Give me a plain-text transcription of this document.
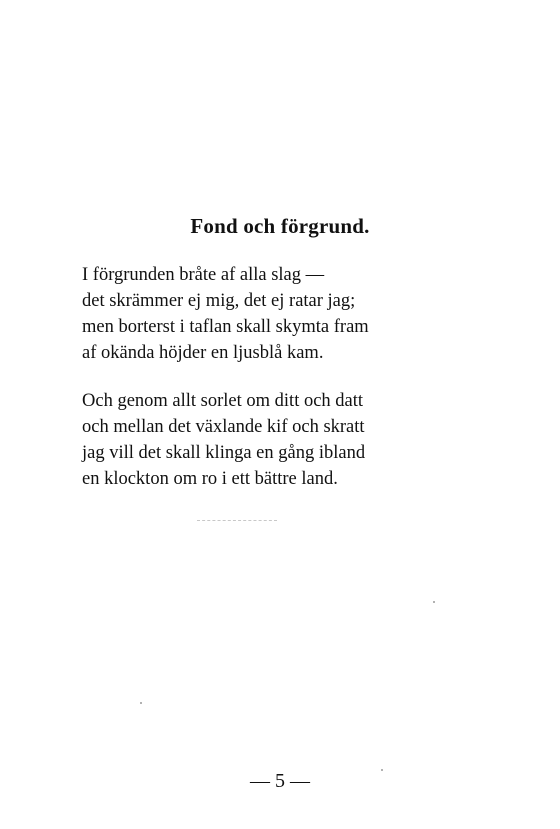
Fond och förgrund.
I förgrunden bråte af alla slag —
det skrämmer ej mig, det ej ratar jag;
men borterst i taflan skall skymta fram
af okända höjder en ljusblå kam.
Och genom allt sorlet om ditt och datt
och mellan det växlande kif och skratt
jag vill det skall klinga en gång ibland
en klockton om ro i ett bättre land.
— 5 —
